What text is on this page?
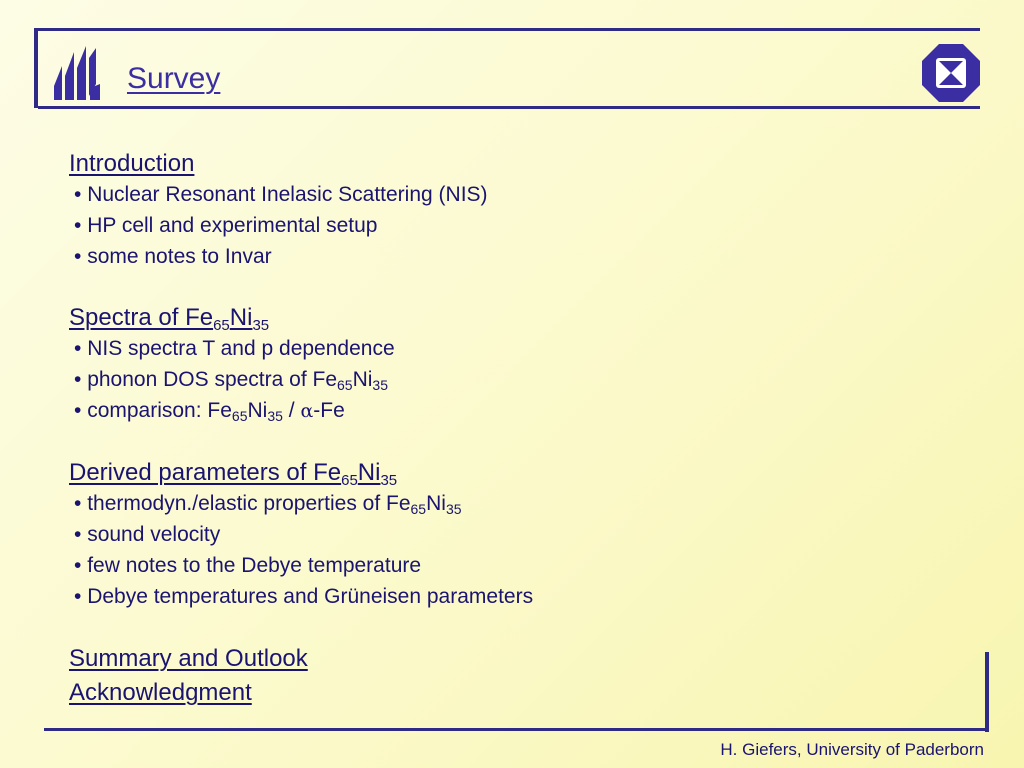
Survey
Introduction
• Nuclear Resonant Inelasic Scattering (NIS)
• HP cell and experimental setup
• some notes to Invar
Spectra of $Fe_{65}Ni_{35}$
• NIS spectra T and p dependence
• phonon DOS spectra of $Fe_{65}Ni_{35}$
• comparison: $Fe_{65}Ni_{35} / \alpha-Fe$
Derived parameters of $Fe_{65}Ni_{35}$
• thermodyn./elastic properties of $Fe_{65}Ni_{35}$
• sound velocity
• few notes to the Debye temperature
• Debye temperatures and Grüneisen parameters
Summary and Outlook
Acknowledgment
H. Giefers, University of Paderborn
